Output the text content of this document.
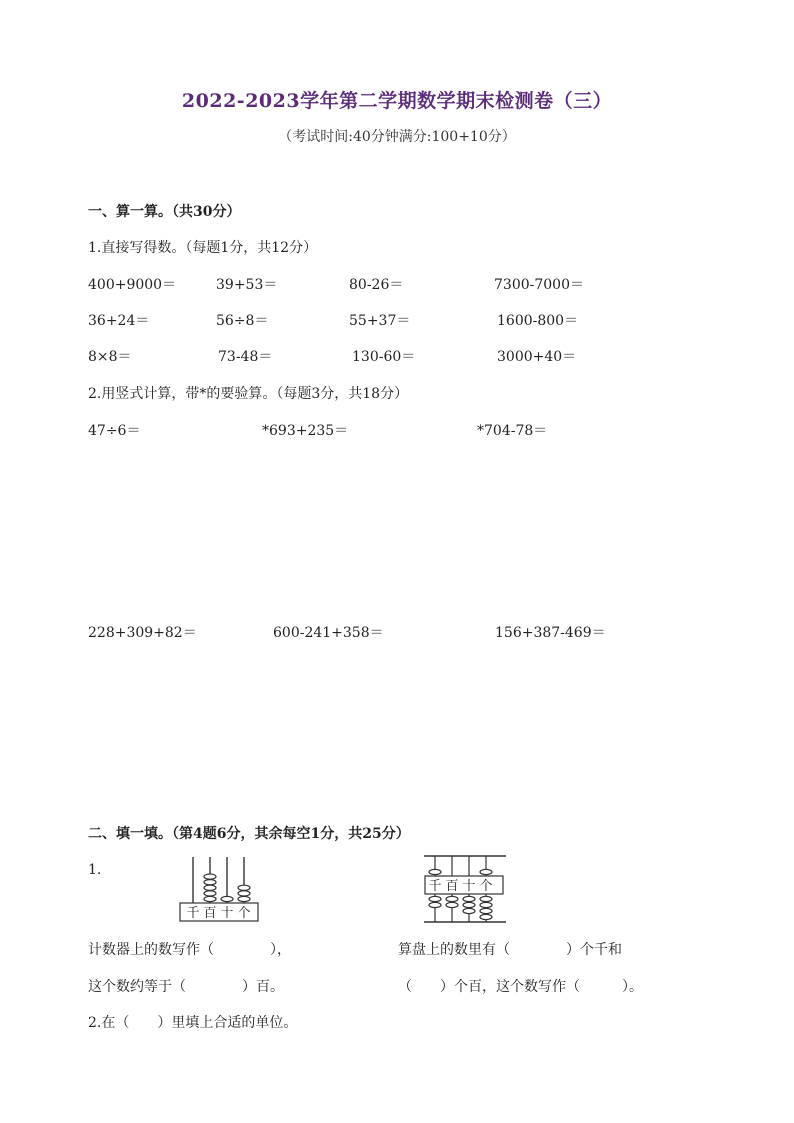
2022-2023学年第二学期数学期末检测卷（三）
（考试时间:40分钟满分:100+10分）
一、算一算。（共30分）
1.直接写得数。（每题1分，共12分）
400+9000＝	39+53＝	80-26＝	7300-7000＝
36+24＝	56÷8＝	55+37＝	1600-800＝
8×8＝	73-48＝	130-60＝	3000+40＝
2.用竖式计算，带*的要验算。（每题3分，共18分）
47÷6＝	*693+235＝	*704-78＝
228+309+82＝	600-241+358＝	156+387-469＝
二、填一填。（第4题6分，其余每空1分，共25分）
1.
千 百 十 个
千 百 十 个
计数器上的数写作（　　　　），
这个数约等于（　　　　）百。
算盘上的数里有（　　　　）个千和
（　　）个百，这个数写作（　　　）。
2.在（　　）里填上合适的单位。
